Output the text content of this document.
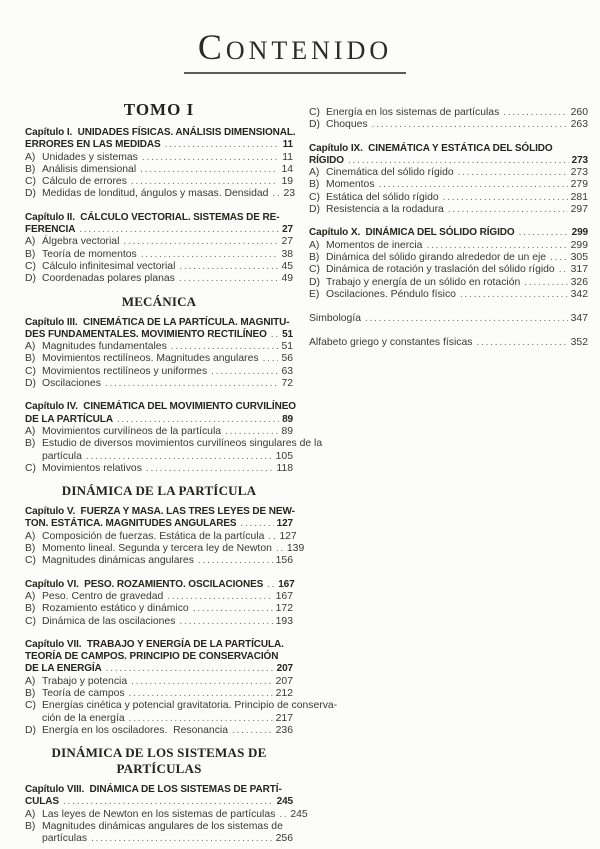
CONTENIDO
TOMO I
Capítulo I.  UNIDADES FÍSICAS. ANÁLISIS DIMENSIONAL.
ERRORES EN LAS MEDIDAS .....	11
A) Unidades y sistemas .....	11
B) Análisis dimensional .....	14
C) Cálculo de errores .....	19
D) Medidas de londitud, ángulos y masas. Densidad ..... 23
Capítulo II.  CÁLCULO VECTORIAL. SISTEMAS DE RE-
FERENCIA .....	27
A) Álgebra vectorial .....	27
B) Teoría de momentos .....	38
C) Cálculo infinitesimal vectorial .....	45
D) Coordenadas polares planas .....	49
MECÁNICA
Capítulo III.  CINEMÁTICA DE LA PARTÍCULA. MAGNITU-
DES FUNDAMENTALES. MOVIMIENTO RECTILÍNEO ..... 51
A) Magnitudes fundamentales .....	51
B) Movimientos rectilíneos. Magnitudes angulares ..... 56
C) Movimientos rectilíneos y uniformes .....	63
D) Oscilaciones .....	72
Capítulo IV.  CINEMÁTICA DEL MOVIMIENTO CURVILÍNEO
DE LA PARTÍCULA .....	89
A) Movimientos curvilíneos de la partícula .....	89
B) Estudio de diversos movimientos curvilíneos singulares de la
partícula .....	105
C) Movimientos relativos .....	118
DINÁMICA DE LA PARTÍCULA
Capítulo V.  FUERZA Y MASA. LAS TRES LEYES DE NEW-
TON. ESTÁTICA. MAGNITUDES ANGULARES .....	127
A) Composición de fuerzas. Estática de la partícula ..... 127
B) Momento lineal. Segunda y tercera ley de Newton ..... 139
C) Magnitudes dinámicas angulares .....	156
Capítulo VI.  PESO. ROZAMIENTO. OSCILACIONES ..... 167
A) Peso. Centro de gravedad .....	167
B) Rozamiento estático y dinámico .....	172
C) Dinámica de las oscilaciones .....	193
Capítulo VII.  TRABAJO Y ENERGÍA DE LA PARTÍCULA.
TEORÍA DE CAMPOS. PRINCIPIO DE CONSERVACIÓN
DE LA ENERGÍA .....	207
A) Trabajo y potencia .....	207
B) Teoría de campos .....	212
C) Energías cinética y potencial gravitatoria. Principio de conserva-
ción de la energía .....	217
D) Energía en los osciladores.  Resonancia .....	236
DINÁMICA DE LOS SISTEMAS DE PARTÍCULAS
Capítulo VIII.  DINÁMICA DE LOS SISTEMAS DE PARTÍ-
CULAS .....	245
A) Las leyes de Newton en los sistemas de partículas ..... 245
B) Magnitudes dinámicas angulares de los sistemas de
partículas .....	256
C) Energía en los sistemas de partículas .....	260
D) Choques .....	263
Capítulo IX.  CINEMÁTICA Y ESTÁTICA DEL SÓLIDO
RÍGIDO .....	273
A) Cinemática del sólido rígido .....	273
B) Momentos .....	279
C) Estática del sólido rígido .....	281
D) Resistencia a la rodadura .....	297
Capítulo X.  DINÁMICA DEL SÓLIDO RÍGIDO .....	299
A) Momentos de inercia .....	299
B) Dinámica del sólido girando alrededor de un eje ..... 305
C) Dinámica de rotación y traslación del sólido rígido ..... 317
D) Trabajo y energía de un sólido en rotación .....	326
E) Oscilaciones. Péndulo físico .....	342
Simbología .....	347
Alfabeto griego y constantes físicas .....	352
